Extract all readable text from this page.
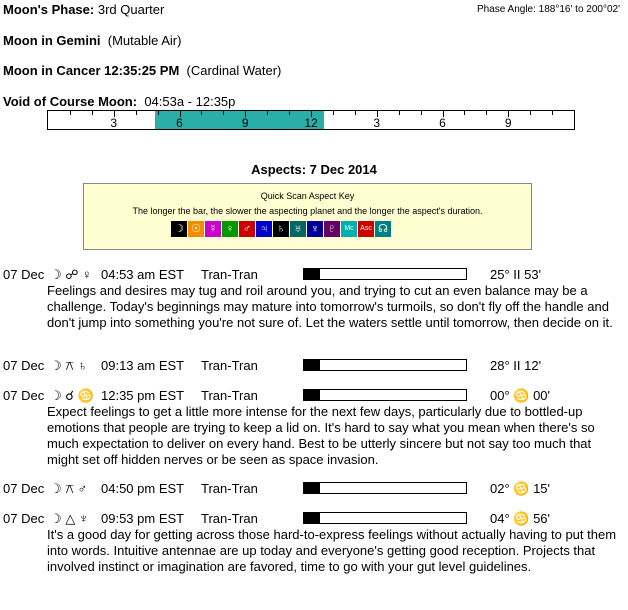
Moon's Phase: 3rd Quarter	Phase Angle: 188°16' to 200°02'
Moon in Gemini (Mutable Air)
Moon in Cancer 12:35:25 PM (Cardinal Water)
Void of Course Moon: 04:53a - 12:35p
3	6	9	12	3	6	9
Aspects: 7 Dec 2014
Quick Scan Aspect Key
The longer the bar, the slower the aspecting planet and the longer the aspect's duration.
☽ ☉ ☿ ♀ ♂ ♃ ♄ ♅ ♆ ♇	Mc Asc ☊
07 Dec ☽ ☍ ♀ 04:53 am EST Tran-Tran	25° II 53'
Feelings and desires may tug and roil around you, and trying to cut an even balance may be a challenge. Today's beginnings may mature into tomorrow's turmoils, so don't fly off the handle and don't jump into something you're not sure of. Let the waters settle until tomorrow, then decide on it.
07 Dec ☽ ⚻ ♄ 09:13 am EST Tran-Tran	28° II 12'
07 Dec ☽ ☌ ♋ 12:35 pm EST Tran-Tran	00° ♋ 00'
Expect feelings to get a little more intense for the next few days, particularly due to bottled-up emotions that people are trying to keep a lid on. It's hard to say what you mean when there's so much expectation to deliver on every hand. Best to be utterly sincere but not say too much that might set off hidden nerves or be seen as space invasion.
07 Dec ☽ ⚻ ♂ 04:50 pm EST Tran-Tran	02° ♋ 15'
07 Dec ☽ △ ♆ 09:53 pm EST Tran-Tran	04° ♋ 56'
It's a good day for getting across those hard-to-express feelings without actually having to put them into words. Intuitive antennae are up today and everyone's getting good reception. Projects that involved instinct or imagination are favored, time to go with your gut level guidelines.
